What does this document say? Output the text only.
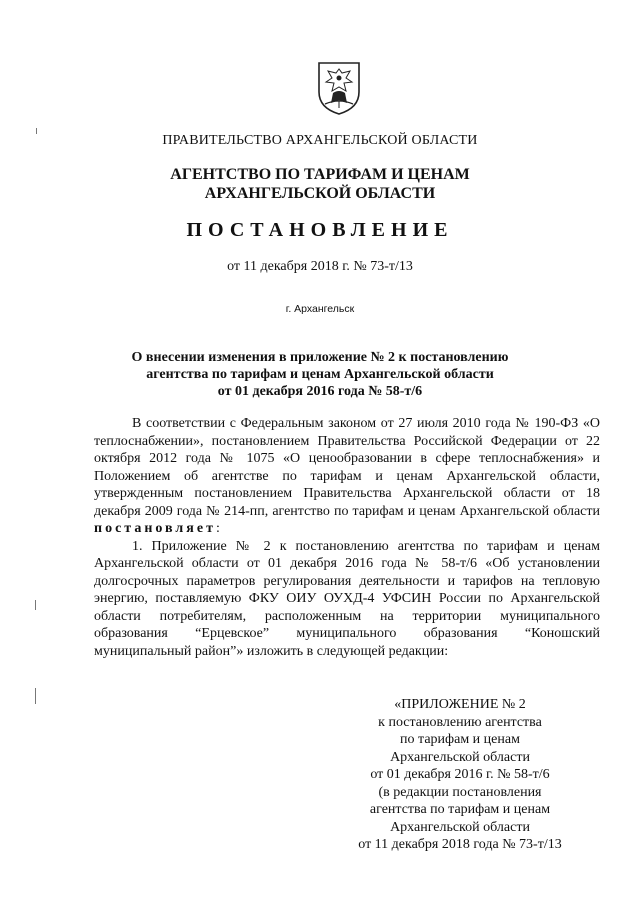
ПРАВИТЕЛЬСТВО АРХАНГЕЛЬСКОЙ ОБЛАСТИ
АГЕНТСТВО ПО ТАРИФАМ И ЦЕНАМ
АРХАНГЕЛЬСКОЙ ОБЛАСТИ
ПОСТАНОВЛЕНИЕ
от 11 декабря 2018 г. № 73-т/13
г. Архангельск
О внесении изменения в приложение № 2 к постановлению
агентства по тарифам и ценам Архангельской области
от 01 декабря 2016 года № 58-т/6

В соответствии с Федеральным законом от 27 июля 2010 года № 190-ФЗ «О теплоснабжении», постановлением Правительства Российской Федерации от 22 октября 2012 года № 1075 «О ценообразовании в сфере теплоснабжения» и Положением об агентстве по тарифам и ценам Архангельской области, утвержденным постановлением Правительства Архангельской области от 18 декабря 2009 года № 214-пп, агентство по тарифам и ценам Архангельской области постановляет:

1. Приложение № 2 к постановлению агентства по тарифам и ценам Архангельской области от 01 декабря 2016 года № 58-т/6 «Об установлении долгосрочных параметров регулирования деятельности и тарифов на тепловую энергию, поставляемую ФКУ ОИУ ОУХД-4 УФСИН России по Архангельской области потребителям, расположенным на территории муниципального образования “Ерцевское” муниципального образования “Коношский муниципальный район”» изложить в следующей редакции:

«ПРИЛОЖЕНИЕ № 2
к постановлению агентства
по тарифам и ценам
Архангельской области
от 01 декабря 2016 г. № 58-т/6
(в редакции постановления
агентства по тарифам и ценам
Архангельской области
от 11 декабря 2018 года № 73-т/13
